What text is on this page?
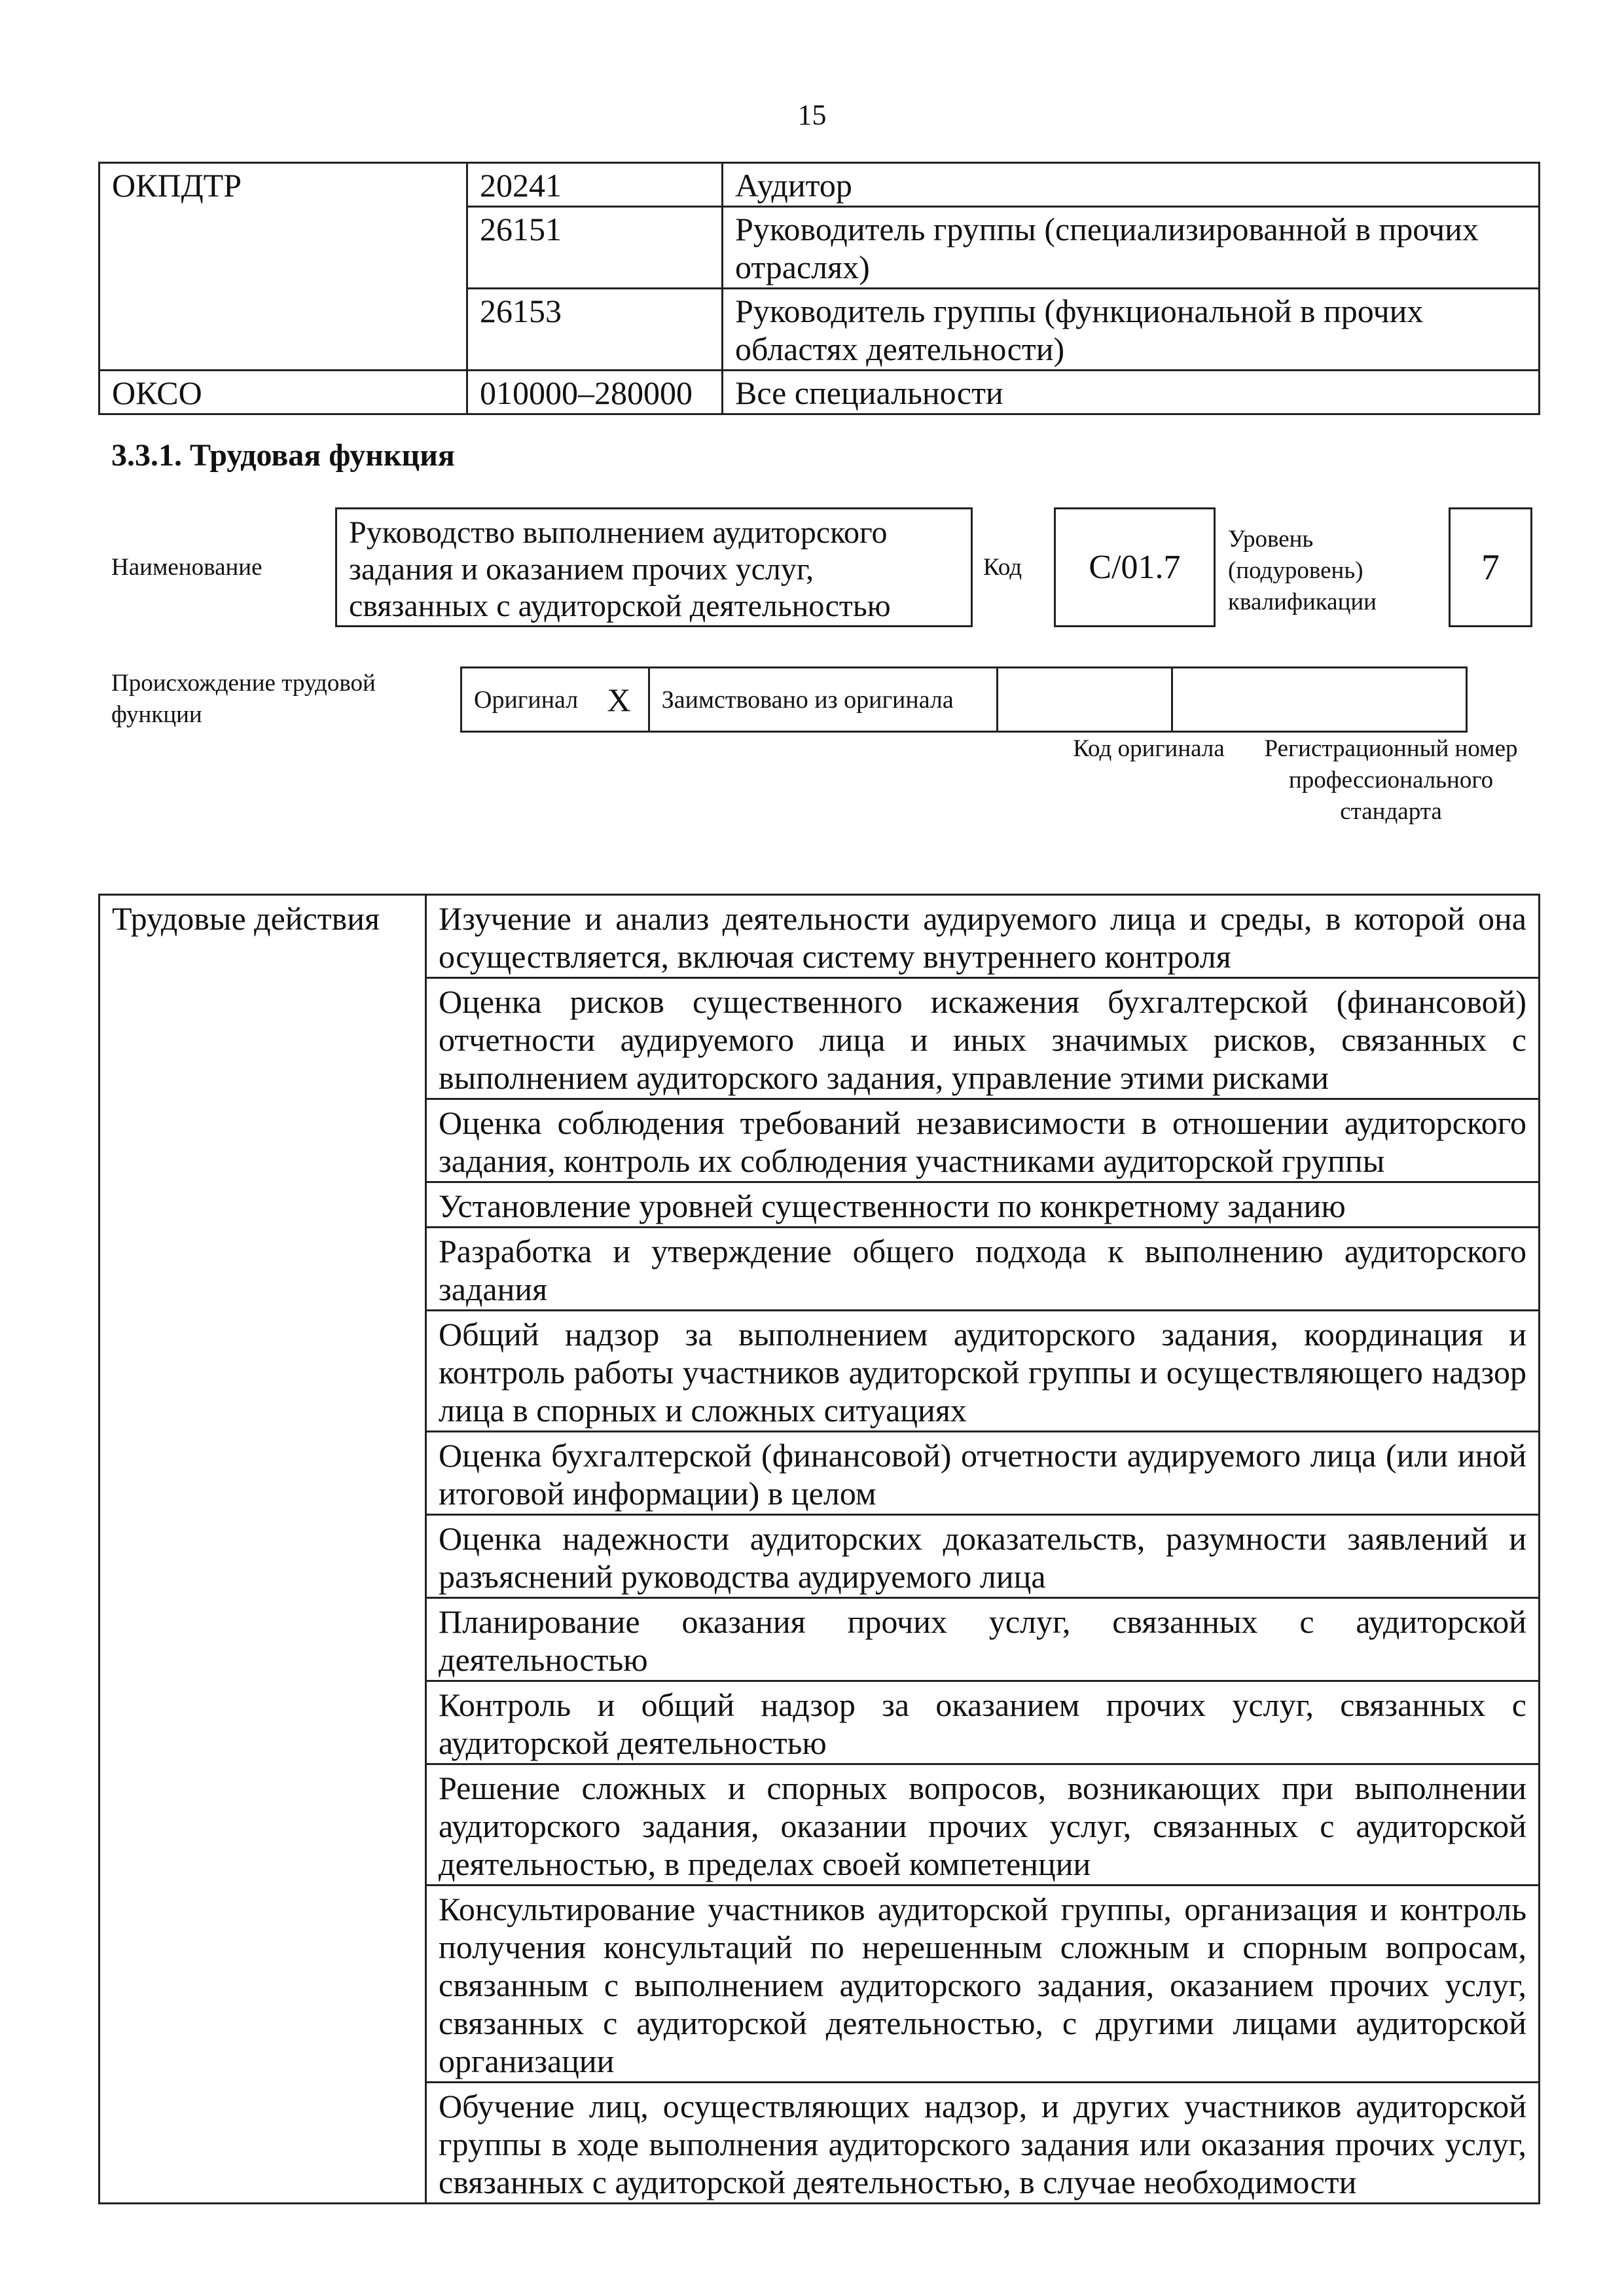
15
ОКПДТР	20241	Аудитор
	26151	Руководитель группы (специализированной в прочих отраслях)
	26153	Руководитель группы (функциональной в прочих областях деятельности)
ОКСО	010000–280000	Все специальности
3.3.1. Трудовая функция
Наименование
Руководство выполнением аудиторского задания и оказанием прочих услуг, связанных с аудиторской деятельностью
Код C/01.7
Уровень (подуровень) квалификации
7
Происхождение трудовой функции
Оригинал	X	Заимствовано из оригинала		
Код оригинала	Регистрационный номер профессионального стандарта
Трудовые действия	Изучение и анализ деятельности аудируемого лица и среды, в которой она осуществляется, включая систему внутреннего контроля
Оценка рисков существенного искажения бухгалтерской (финансовой) отчетности аудируемого лица и иных значимых рисков, связанных с выполнением аудиторского задания, управление этими рисками
Оценка соблюдения требований независимости в отношении аудиторского задания, контроль их соблюдения участниками аудиторской группы
Установление уровней существенности по конкретному заданию
Разработка и утверждение общего подхода к выполнению аудиторского задания
Общий надзор за выполнением аудиторского задания, координация и контроль работы участников аудиторской группы и осуществляющего надзор лица в спорных и сложных ситуациях
Оценка бухгалтерской (финансовой) отчетности аудируемого лица (или иной итоговой информации) в целом
Оценка надежности аудиторских доказательств, разумности заявлений и разъяснений руководства аудируемого лица
Планирование оказания прочих услуг, связанных с аудиторской деятельностью
Контроль и общий надзор за оказанием прочих услуг, связанных с аудиторской деятельностью
Решение сложных и спорных вопросов, возникающих при выполнении аудиторского задания, оказании прочих услуг, связанных с аудиторской деятельностью, в пределах своей компетенции
Консультирование участников аудиторской группы, организация и контроль получения консультаций по нерешенным сложным и спорным вопросам, связанным с выполнением аудиторского задания, оказанием прочих услуг, связанных с аудиторской деятельностью, с другими лицами аудиторской организации
Обучение лиц, осуществляющих надзор, и других участников аудиторской группы в ходе выполнения аудиторского задания или оказания прочих услуг, связанных с аудиторской деятельностью, в случае необходимости
